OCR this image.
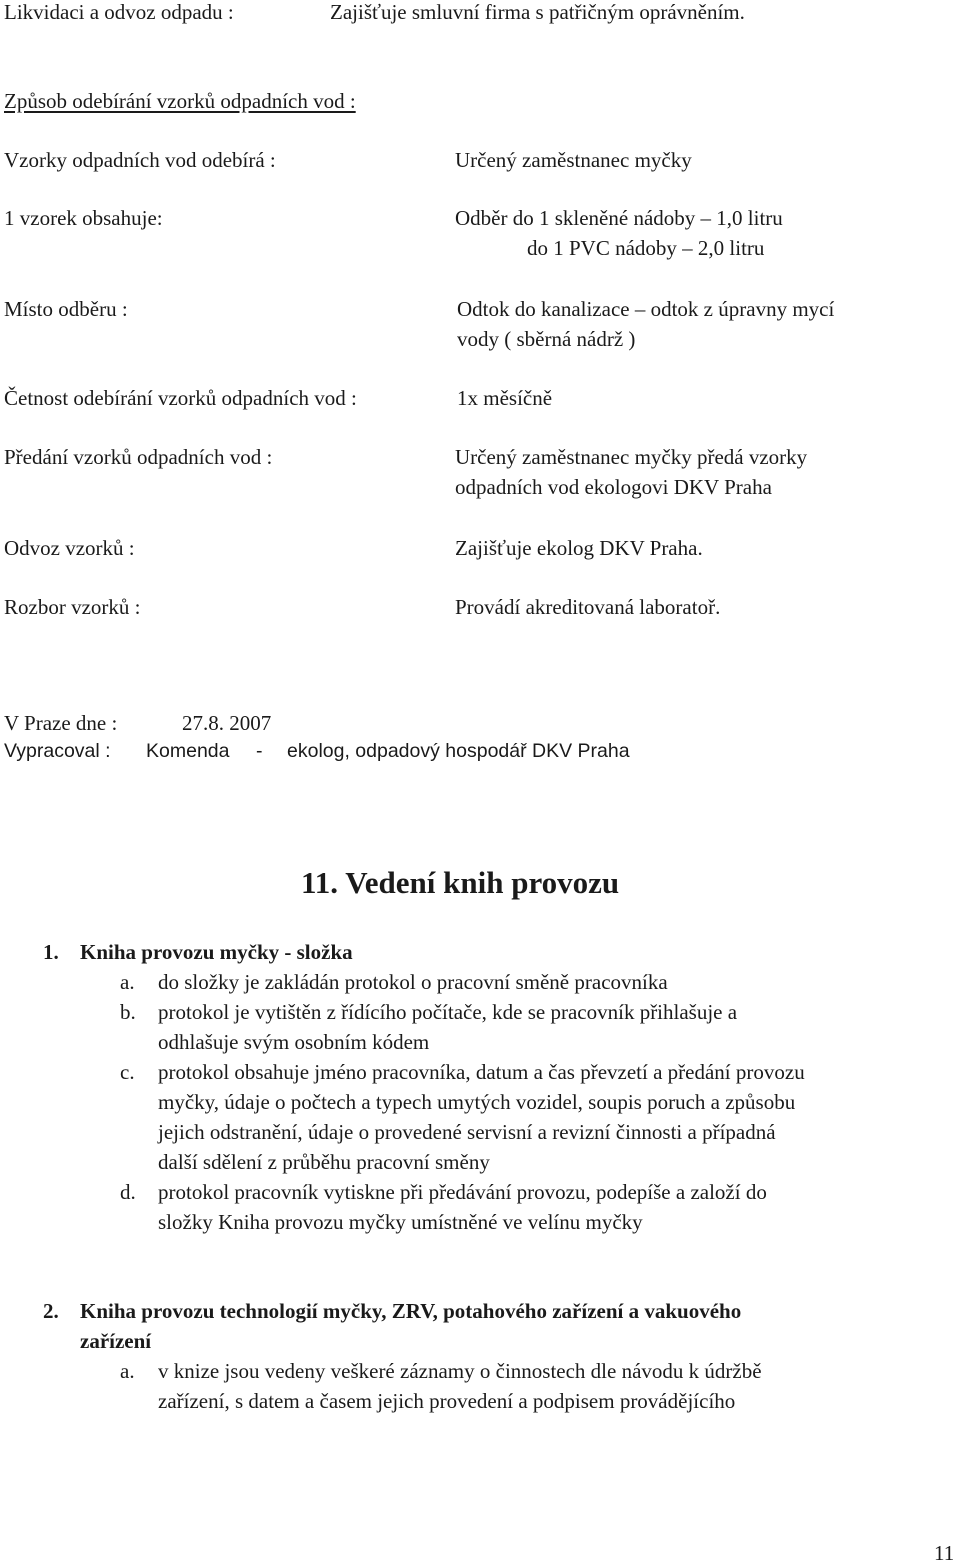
Likvidaci a odvoz odpadu :	Zajišťuje smluvní firma s patřičným oprávněním.
Způsob odebírání vzorků odpadních vod :
Vzorky odpadních vod odebírá :	Určený zaměstnanec myčky
1 vzorek obsahuje:	Odběr do 1 skleněné nádoby – 1,0 litru
do 1 PVC nádoby – 2,0 litru
Místo odběru :	Odtok do kanalizace – odtok z úpravny mycí
vody ( sběrná nádrž )
Četnost odebírání vzorků odpadních vod :	1x měsíčně
Předání vzorků odpadních vod :	Určený zaměstnanec myčky předá vzorky
odpadních vod ekologovi DKV Praha
Odvoz vzorků :	Zajišťuje ekolog DKV Praha.
Rozbor vzorků :	Provádí akreditovaná laboratoř.
V Praze dne :	27.8. 2007
Vypracoval : Komenda - ekolog, odpadový hospodář DKV Praha
11. Vedení knih provozu
1. Kniha provozu myčky - složka
a. do složky je zakládán protokol o pracovní směně pracovníka
b. protokol je vytištěn z řídícího počítače, kde se pracovník přihlašuje a
odhlašuje svým osobním kódem
c. protokol obsahuje jméno pracovníka, datum a čas převzetí a předání provozu
myčky, údaje o počtech a typech umytých vozidel, soupis poruch a způsobu
jejich odstranění, údaje o provedené servisní a revizní činnosti a případná
další sdělení z průběhu pracovní směny
d. protokol pracovník vytiskne při předávání provozu, podepíše a založí do
složky Kniha provozu myčky umístněné ve velínu myčky
2. Kniha provozu technologií myčky, ZRV, potahového zařízení a vakuového
zařízení
a. v knize jsou vedeny veškeré záznamy o činnostech dle návodu k údržbě
zařízení, s datem a časem jejich provedení a podpisem provádějícího
11
